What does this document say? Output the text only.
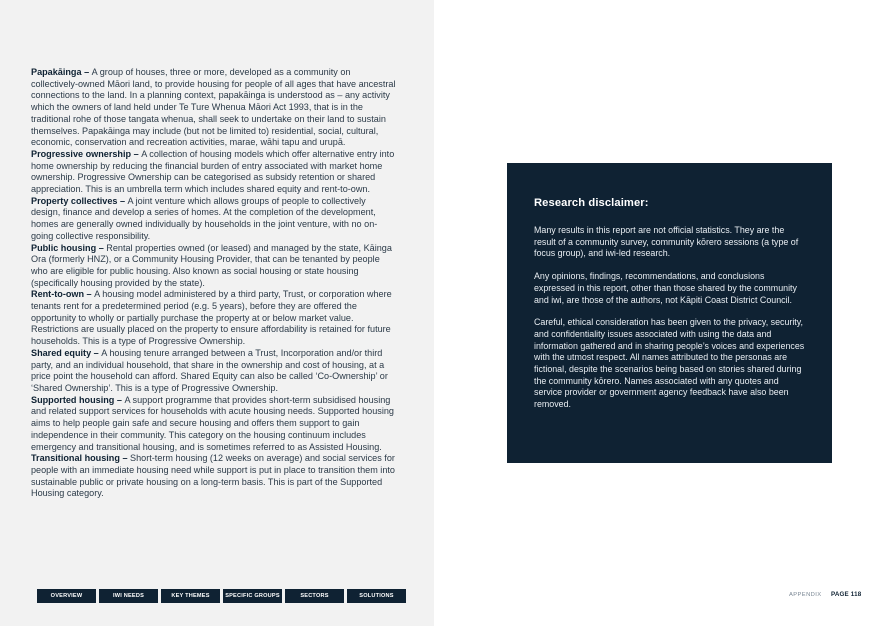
Papakāinga – A group of houses, three or more, developed as a community on collectively-owned Māori land, to provide housing for people of all ages that have ancestral connections to the land. In a planning context, papakāinga is understood as – any activity which the owners of land held under Te Ture Whenua Māori Act 1993, that is in the traditional rohe of those tangata whenua, shall seek to undertake on their land to sustain themselves. Papakāinga may include (but not be limited to) residential, social, cultural, economic, conservation and recreation activities, marae, wāhi tapu and urupā.

Progressive ownership – A collection of housing models which offer alternative entry into home ownership by reducing the financial burden of entry associated with market home ownership. Progressive Ownership can be categorised as subsidy retention or shared appreciation. This is an umbrella term which includes shared equity and rent-to-own.

Property collectives – A joint venture which allows groups of people to collectively design, finance and develop a series of homes. At the completion of the development, homes are generally owned individually by households in the joint venture, with no on-going collective responsibility.

Public housing – Rental properties owned (or leased) and managed by the state, Kāinga Ora (formerly HNZ), or a Community Housing Provider, that can be tenanted by people who are eligible for public housing. Also known as social housing or state housing (specifically housing provided by the state).

Rent-to-own – A housing model administered by a third party, Trust, or corporation where tenants rent for a predetermined period (e.g. 5 years), before they are offered the opportunity to wholly or partially purchase the property at or below market value. Restrictions are usually placed on the property to ensure affordability is retained for future households. This is a type of Progressive Ownership.

Shared equity – A housing tenure arranged between a Trust, Incorporation and/or third party, and an individual household, that share in the ownership and cost of housing, at a price point the household can afford. Shared Equity can also be called ‘Co-Ownership’ or ‘Shared Ownership’. This is a type of Progressive Ownership.

Supported housing – A support programme that provides short-term subsidised housing and related support services for households with acute housing needs. Supported housing aims to help people gain safe and secure housing and offers them support to gain independence in their community. This category on the housing continuum includes emergency and transitional housing, and is sometimes referred to as Assisted Housing.

Transitional housing – Short-term housing (12 weeks on average) and social services for people with an immediate housing need while support is put in place to transition them into sustainable public or private housing on a long-term basis. This is part of the Supported Housing category.

OVERVIEW	IWI NEEDS	KEY THEMES	SPECIFIC GROUPS	SECTORS	SOLUTIONS
Research disclaimer:

Many results in this report are not official statistics. They are the result of a community survey, community kōrero sessions (a type of focus group), and iwi-led research.

Any opinions, findings, recommendations, and conclusions expressed in this report, other than those shared by the community and iwi, are those of the authors, not Kāpiti Coast District Council.

Careful, ethical consideration has been given to the privacy, security, and confidentiality issues associated with using the data and information gathered and in sharing people’s voices and experiences with the utmost respect. All names attributed to the personas are fictional, despite the scenarios being based on stories shared during the community kōrero. Names associated with any quotes and service provider or government agency feedback have also been removed.

APPENDIX PAGE 118
